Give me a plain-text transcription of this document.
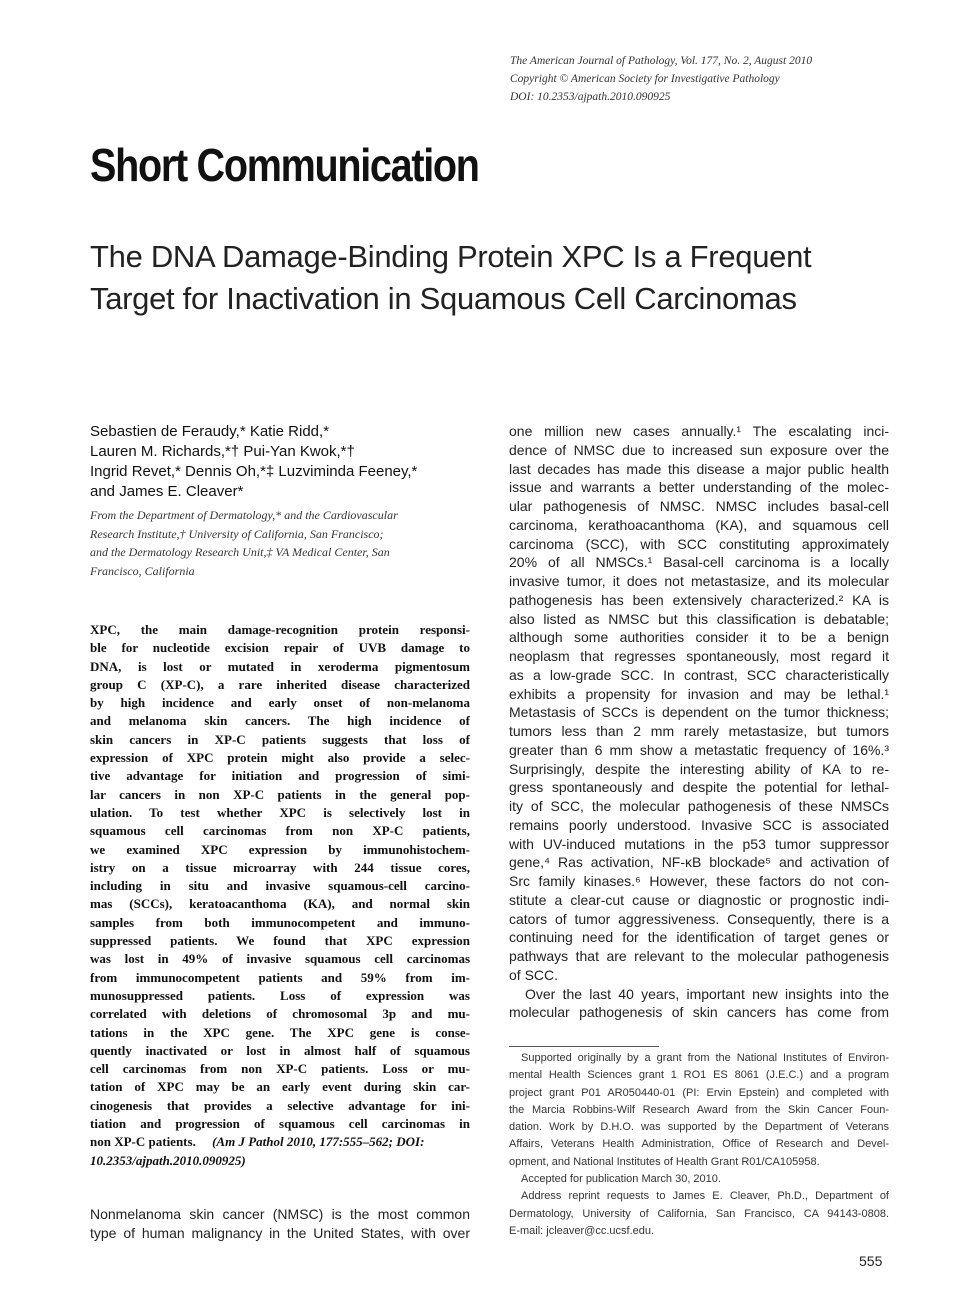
The American Journal of Pathology, Vol. 177, No. 2, August 2010
Copyright © American Society for Investigative Pathology
DOI: 10.2353/ajpath.2010.090925
Short Communication
The DNA Damage-Binding Protein XPC Is a Frequent
Target for Inactivation in Squamous Cell Carcinomas
Sebastien de Feraudy,* Katie Ridd,*
Lauren M. Richards,*† Pui-Yan Kwok,*†
Ingrid Revet,* Dennis Oh,*‡ Luzviminda Feeney,*
and James E. Cleaver*
From the Department of Dermatology,* and the Cardiovascular
Research Institute,† University of California, San Francisco;
and the Dermatology Research Unit,‡ VA Medical Center, San
Francisco, California
XPC, the main damage-recognition protein responsi-
ble for nucleotide excision repair of UVB damage to
DNA, is lost or mutated in xeroderma pigmentosum
group C (XP-C), a rare inherited disease characterized
by high incidence and early onset of non-melanoma
and melanoma skin cancers. The high incidence of
skin cancers in XP-C patients suggests that loss of
expression of XPC protein might also provide a selec-
tive advantage for initiation and progression of simi-
lar cancers in non XP-C patients in the general pop-
ulation. To test whether XPC is selectively lost in
squamous cell carcinomas from non XP-C patients,
we examined XPC expression by immunohistochem-
istry on a tissue microarray with 244 tissue cores,
including in situ and invasive squamous-cell carcino-
mas (SCCs), keratoacanthoma (KA), and normal skin
samples from both immunocompetent and immuno-
suppressed patients. We found that XPC expression
was lost in 49% of invasive squamous cell carcinomas
from immunocompetent patients and 59% from im-
munosuppressed patients. Loss of expression was
correlated with deletions of chromosomal 3p and mu-
tations in the XPC gene. The XPC gene is conse-
quently inactivated or lost in almost half of squamous
cell carcinomas from non XP-C patients. Loss or mu-
tation of XPC may be an early event during skin car-
cinogenesis that provides a selective advantage for ini-
tiation and progression of squamous cell carcinomas in
non XP-C patients. (Am J Pathol 2010, 177:555–562; DOI:
10.2353/ajpath.2010.090925)
Nonmelanoma skin cancer (NMSC) is the most common
type of human malignancy in the United States, with over
one million new cases annually.¹ The escalating inci-
dence of NMSC due to increased sun exposure over the
last decades has made this disease a major public health
issue and warrants a better understanding of the molec-
ular pathogenesis of NMSC. NMSC includes basal-cell
carcinoma, kerathoacanthoma (KA), and squamous cell
carcinoma (SCC), with SCC constituting approximately
20% of all NMSCs.¹ Basal-cell carcinoma is a locally
invasive tumor, it does not metastasize, and its molecular
pathogenesis has been extensively characterized.² KA is
also listed as NMSC but this classification is debatable;
although some authorities consider it to be a benign
neoplasm that regresses spontaneously, most regard it
as a low-grade SCC. In contrast, SCC characteristically
exhibits a propensity for invasion and may be lethal.¹
Metastasis of SCCs is dependent on the tumor thickness;
tumors less than 2 mm rarely metastasize, but tumors
greater than 6 mm show a metastatic frequency of 16%.³
Surprisingly, despite the interesting ability of KA to re-
gress spontaneously and despite the potential for lethal-
ity of SCC, the molecular pathogenesis of these NMSCs
remains poorly understood. Invasive SCC is associated
with UV-induced mutations in the p53 tumor suppressor
gene,⁴ Ras activation, NF-κB blockade⁵ and activation of
Src family kinases.⁶ However, these factors do not con-
stitute a clear-cut cause or diagnostic or prognostic indi-
cators of tumor aggressiveness. Consequently, there is a
continuing need for the identification of target genes or
pathways that are relevant to the molecular pathogenesis
of SCC.
Over the last 40 years, important new insights into the
molecular pathogenesis of skin cancers has come from
Supported originally by a grant from the National Institutes of Environ-
mental Health Sciences grant 1 RO1 ES 8061 (J.E.C.) and a program
project grant P01 AR050440-01 (PI: Ervin Epstein) and completed with
the Marcia Robbins-Wilf Research Award from the Skin Cancer Foun-
dation. Work by D.H.O. was supported by the Department of Veterans
Affairs, Veterans Health Administration, Office of Research and Devel-
opment, and National Institutes of Health Grant R01/CA105958.
Accepted for publication March 30, 2010.
Address reprint requests to James E. Cleaver, Ph.D., Department of
Dermatology, University of California, San Francisco, CA 94143-0808.
E-mail: jcleaver@cc.ucsf.edu.
555
